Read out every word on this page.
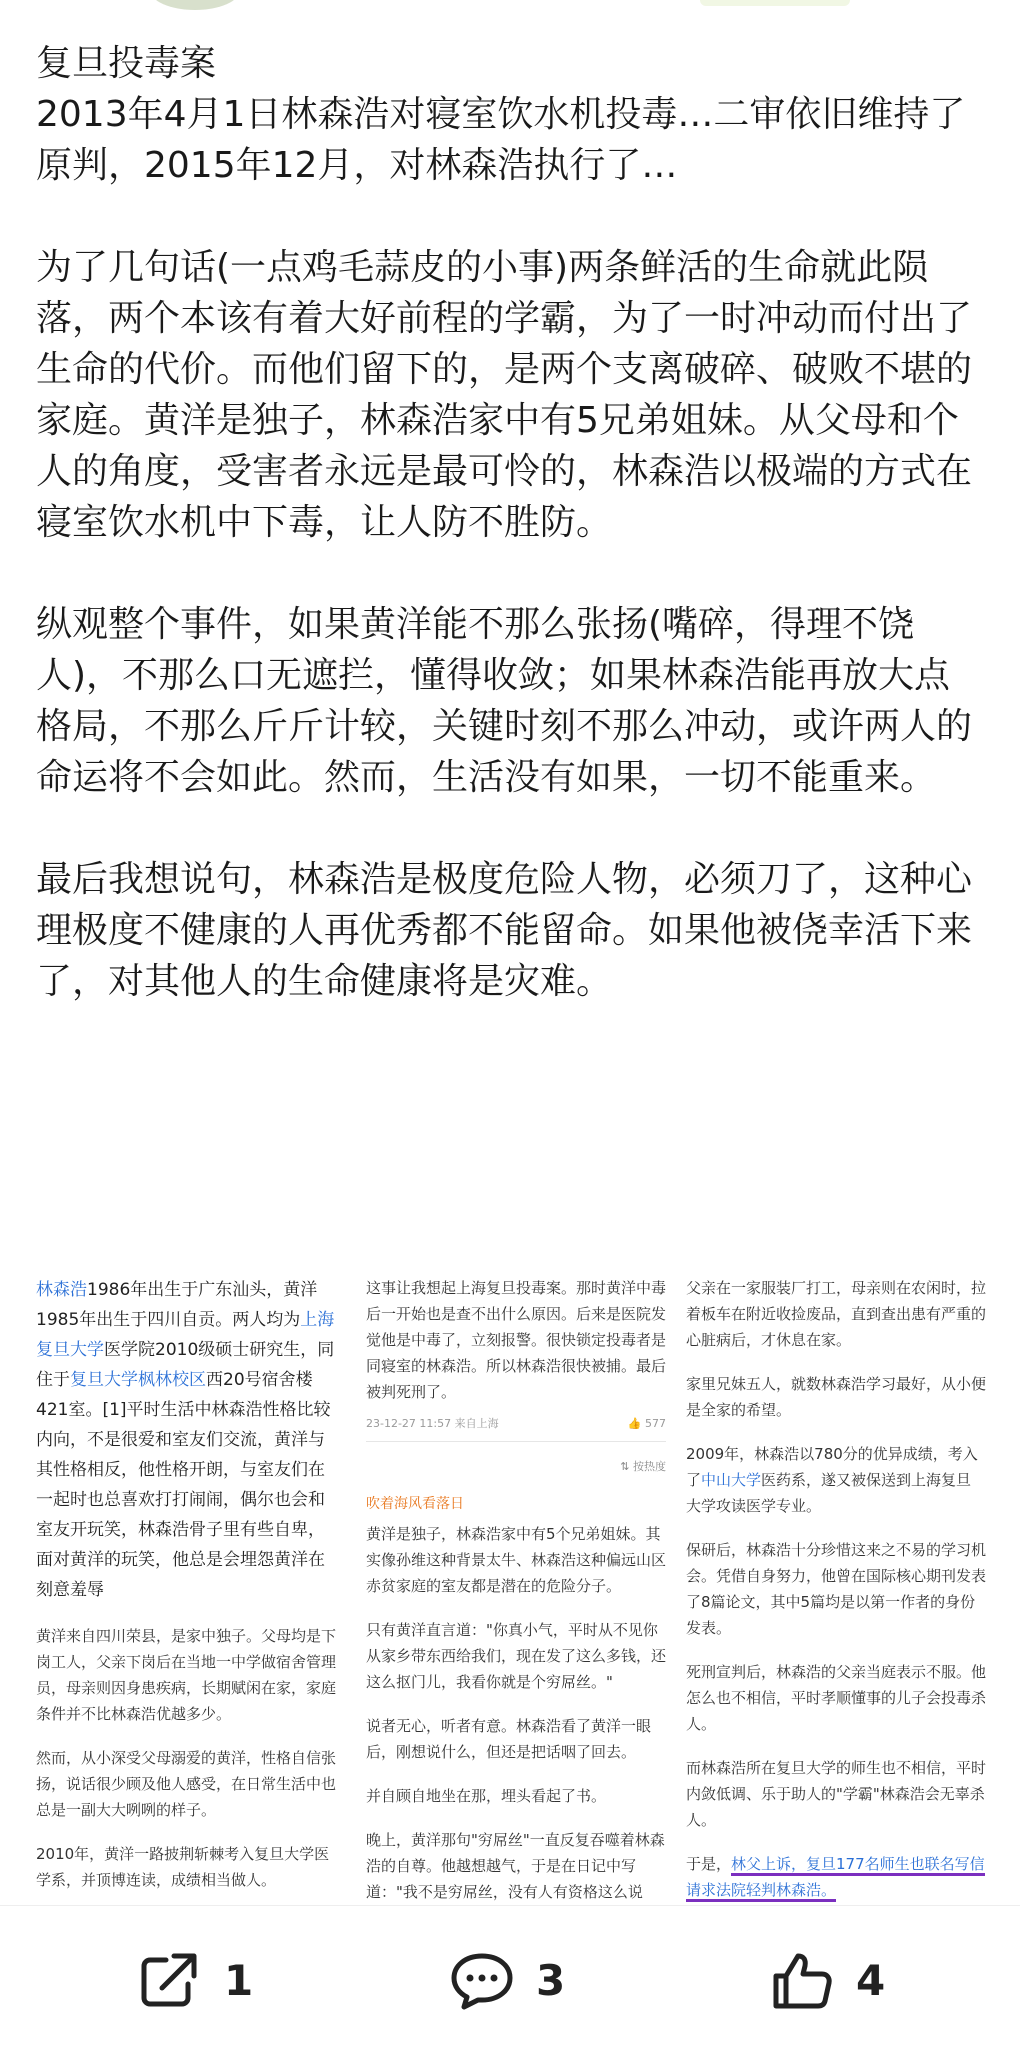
复旦投毒案

2013年4月1日林森浩对寝室饮水机投毒…二审依旧维持了原判，2015年12月，对林森浩执行了…

为了几句话(一点鸡毛蒜皮的小事)两条鲜活的生命就此陨落，两个本该有着大好前程的学霸，为了一时冲动而付出了生命的代价。而他们留下的，是两个支离破碎、破败不堪的家庭。黄洋是独子，林森浩家中有5兄弟姐妹。从父母和个人的角度，受害者永远是最可怜的，林森浩以极端的方式在寝室饮水机中下毒，让人防不胜防。

纵观整个事件，如果黄洋能不那么张扬(嘴碎，得理不饶人)，不那么口无遮拦，懂得收敛；如果林森浩能再放大点格局，不那么斤斤计较，关键时刻不那么冲动，或许两人的命运将不会如此。然而，生活没有如果，一切不能重来。

最后我想说句，林森浩是极度危险人物，必须刀了，这种心理极度不健康的人再优秀都不能留命。如果他被侥幸活下来了，对其他人的生命健康将是灾难。

林森浩1986年出生于广东汕头，黄洋1985年出生于四川自贡。两人均为上海复旦大学医学院2010级硕士研究生，同住于复旦大学枫林校区西20号宿舍楼421室。[1]平时生活中林森浩性格比较内向，不是很爱和室友们交流，黄洋与其性格相反，他性格开朗，与室友们在一起时也总喜欢打打闹闹，偶尔也会和室友开玩笑，林森浩骨子里有些自卑，面对黄洋的玩笑，他总是会埋怨黄洋在刻意羞辱

黄洋来自四川荣县，是家中独子。父母均是下岗工人，父亲下岗后在当地一中学做宿舍管理员，母亲则因身患疾病，长期赋闲在家，家庭条件并不比林森浩优越多少。

然而，从小深受父母溺爱的黄洋，性格自信张扬，说话很少顾及他人感受，在日常生活中也总是一副大大咧咧的样子。

2010年，黄洋一路披荆斩棘考入复旦大学医学系，并顶博连读，成绩相当做人。

这事让我想起上海复旦投毒案。那时黄洋中毒后一开始也是查不出什么原因。后来是医院发觉他是中毒了，立刻报警。很快锁定投毒者是同寝室的林森浩。所以林森浩很快被捕。最后被判死刑了。

23-12-27 11:57 来自上海	👍 577
⇅ 按热度

吹着海风看落日

黄洋是独子，林森浩家中有5个兄弟姐妹。其实像孙维这种背景太牛、林森浩这种偏远山区赤贫家庭的室友都是潜在的危险分子。

只有黄洋直言道："你真小气，平时从不见你从家乡带东西给我们，现在发了这么多钱，还这么抠门儿，我看你就是个穷屌丝。"

说者无心，听者有意。林森浩看了黄洋一眼后，刚想说什么，但还是把话咽了回去。

并自顾自地坐在那，埋头看起了书。

晚上，黄洋那句"穷屌丝"一直反复吞噬着林森浩的自尊。他越想越气，于是在日记中写道："我不是穷屌丝，没有人有资格这么说

父亲在一家服装厂打工，母亲则在农闲时，拉着板车在附近收捡废品，直到查出患有严重的心脏病后，才休息在家。

家里兄妹五人，就数林森浩学习最好，从小便是全家的希望。

2009年，林森浩以780分的优异成绩，考入了中山大学医药系，遂又被保送到上海复旦大学攻读医学专业。

保研后，林森浩十分珍惜这来之不易的学习机会。凭借自身努力，他曾在国际核心期刊发表了8篇论文，其中5篇均是以第一作者的身份发表。

死刑宣判后，林森浩的父亲当庭表示不服。他怎么也不相信，平时孝顺懂事的儿子会投毒杀人。

而林森浩所在复旦大学的师生也不相信，平时内敛低调、乐于助人的"学霸"林森浩会无辜杀人。

于是，林父上诉，复旦177名师生也联名写信请求法院轻判林森浩。

1	3	4
